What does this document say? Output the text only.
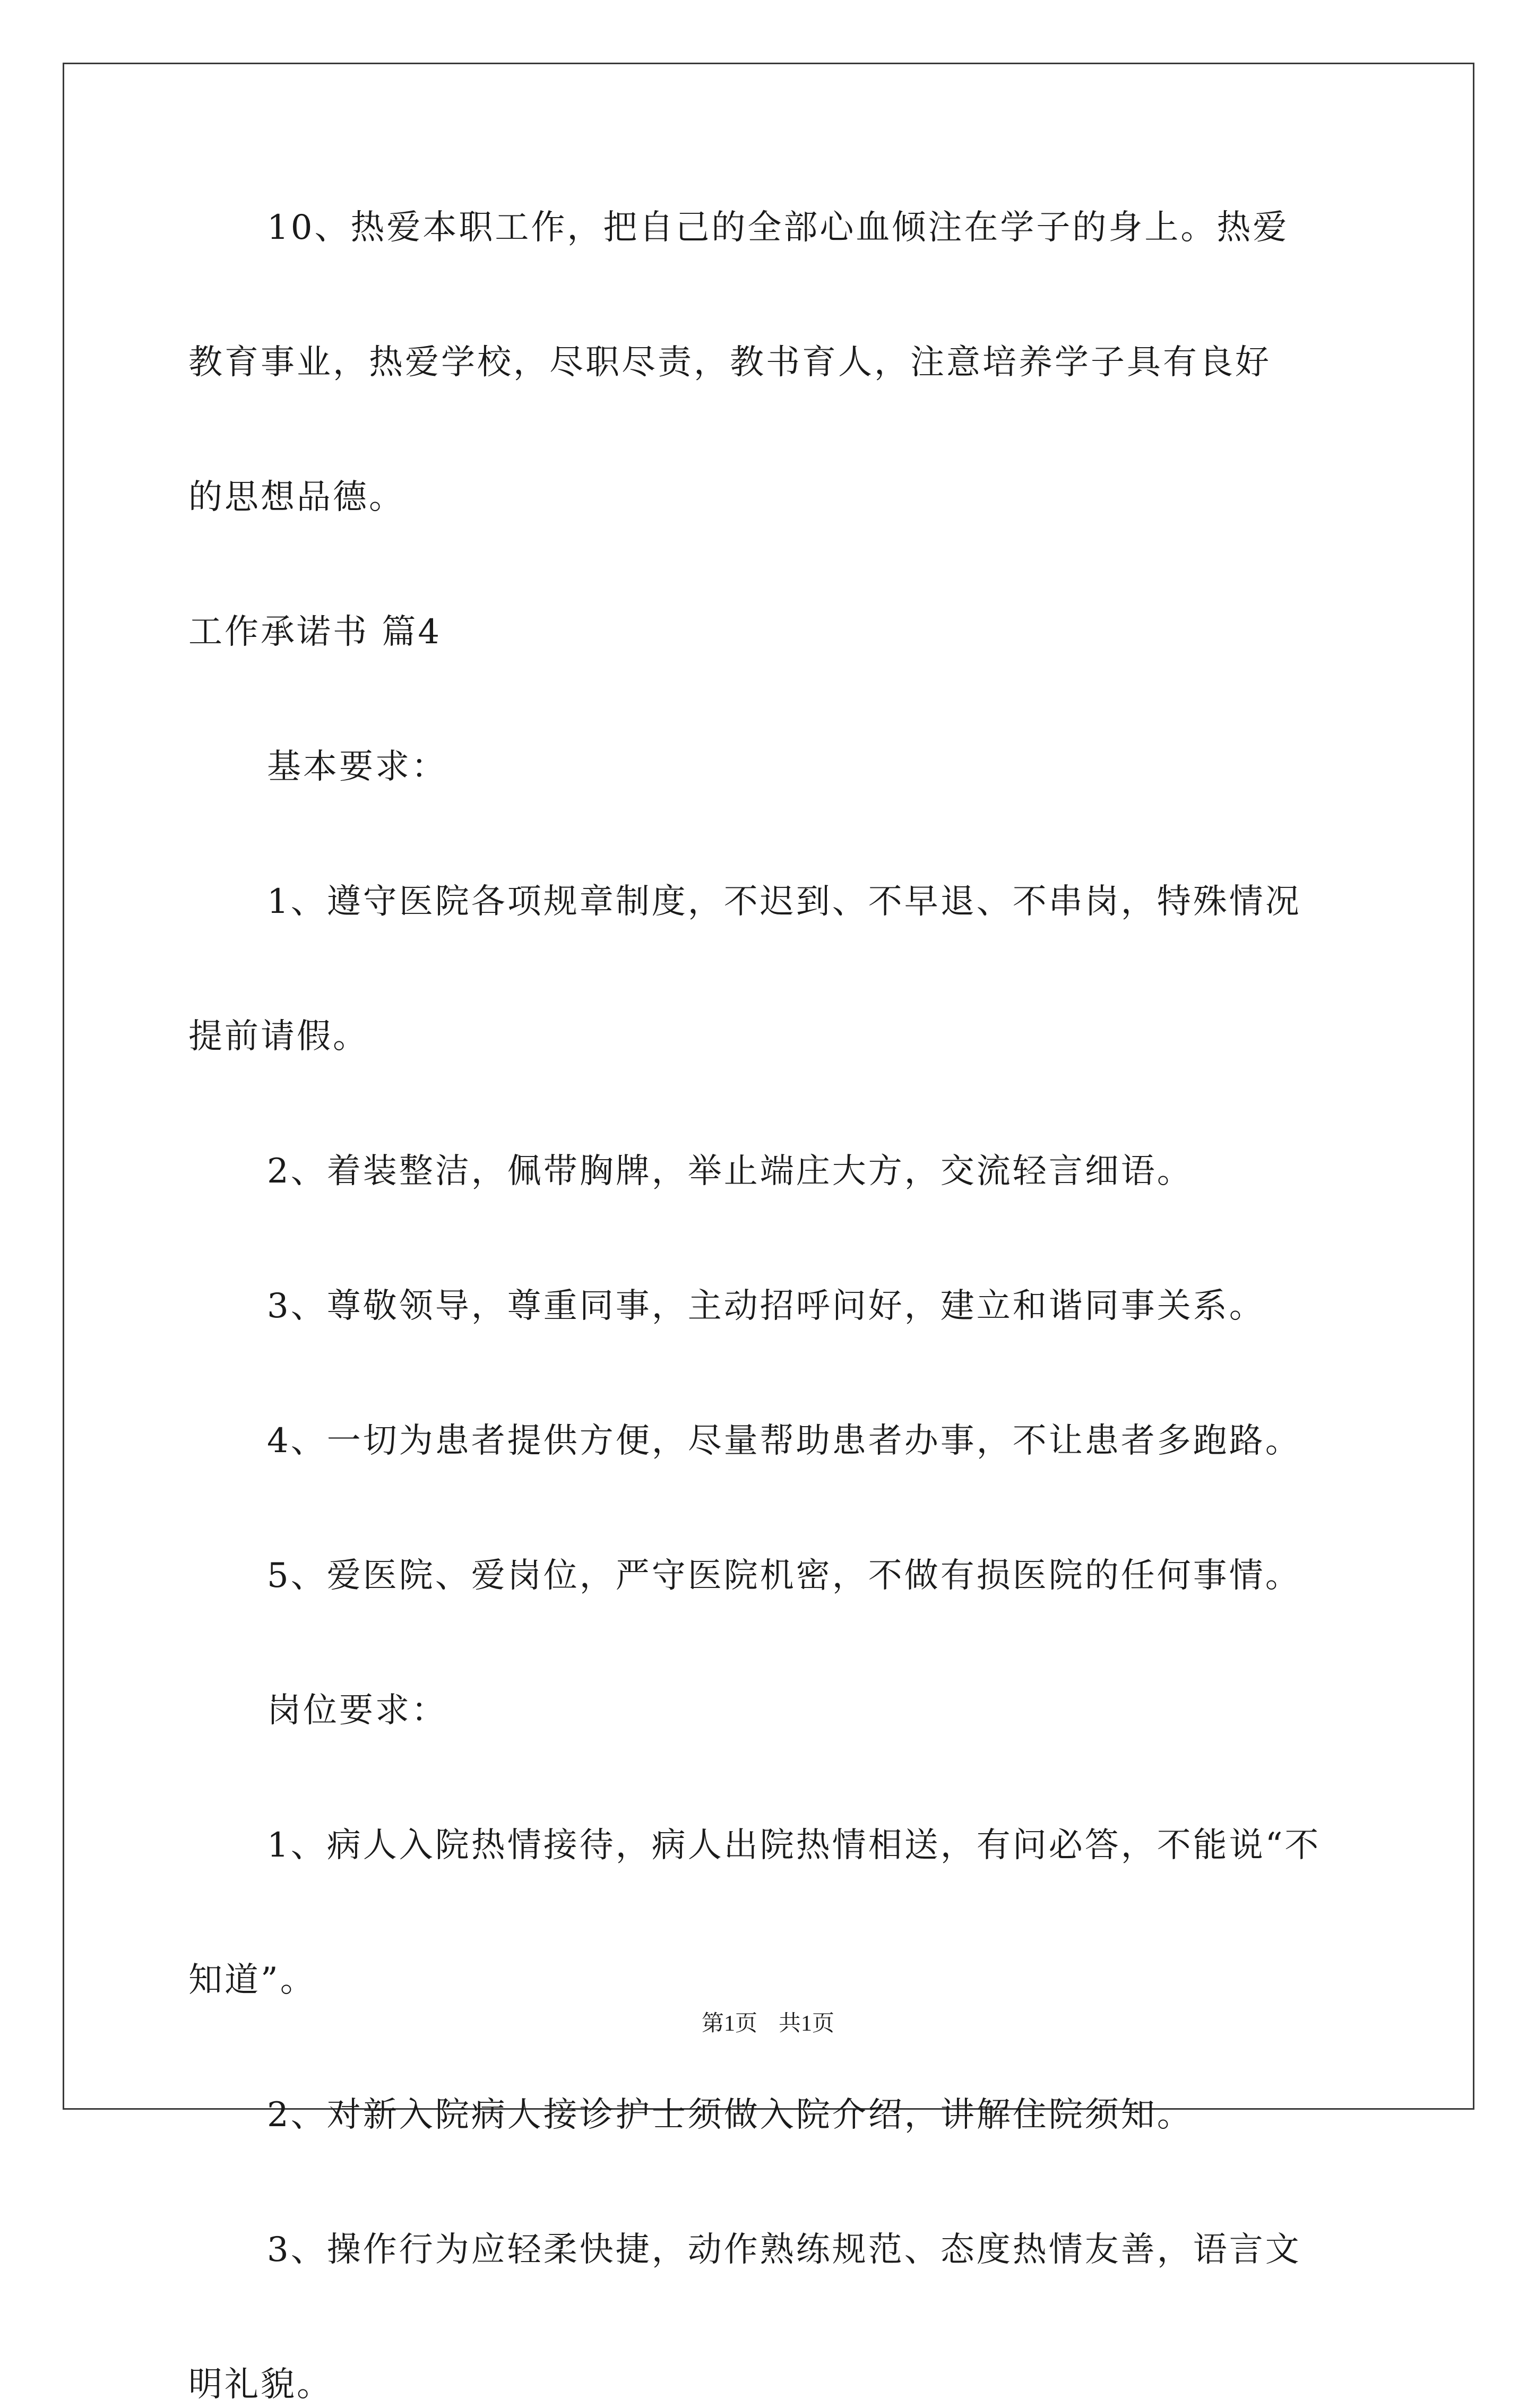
10、热爱本职工作，把自己的全部心血倾注在学子的身上。热爱

教育事业，热爱学校，尽职尽责，教书育人，注意培养学子具有良好

的思想品德。

工作承诺书 篇4

基本要求：

1、遵守医院各项规章制度，不迟到、不早退、不串岗，特殊情况

提前请假。

2、着装整洁，佩带胸牌，举止端庄大方，交流轻言细语。

3、尊敬领导，尊重同事，主动招呼问好，建立和谐同事关系。

4、一切为患者提供方便，尽量帮助患者办事，不让患者多跑路。

5、爱医院、爱岗位，严守医院机密，不做有损医院的任何事情。

岗位要求：

1、病人入院热情接待，病人出院热情相送，有问必答，不能说“不

知道”。

2、对新入院病人接诊护士须做入院介绍，讲解住院须知。

3、操作行为应轻柔快捷，动作熟练规范、态度热情友善，语言文

明礼貌。

第1页 共1页
